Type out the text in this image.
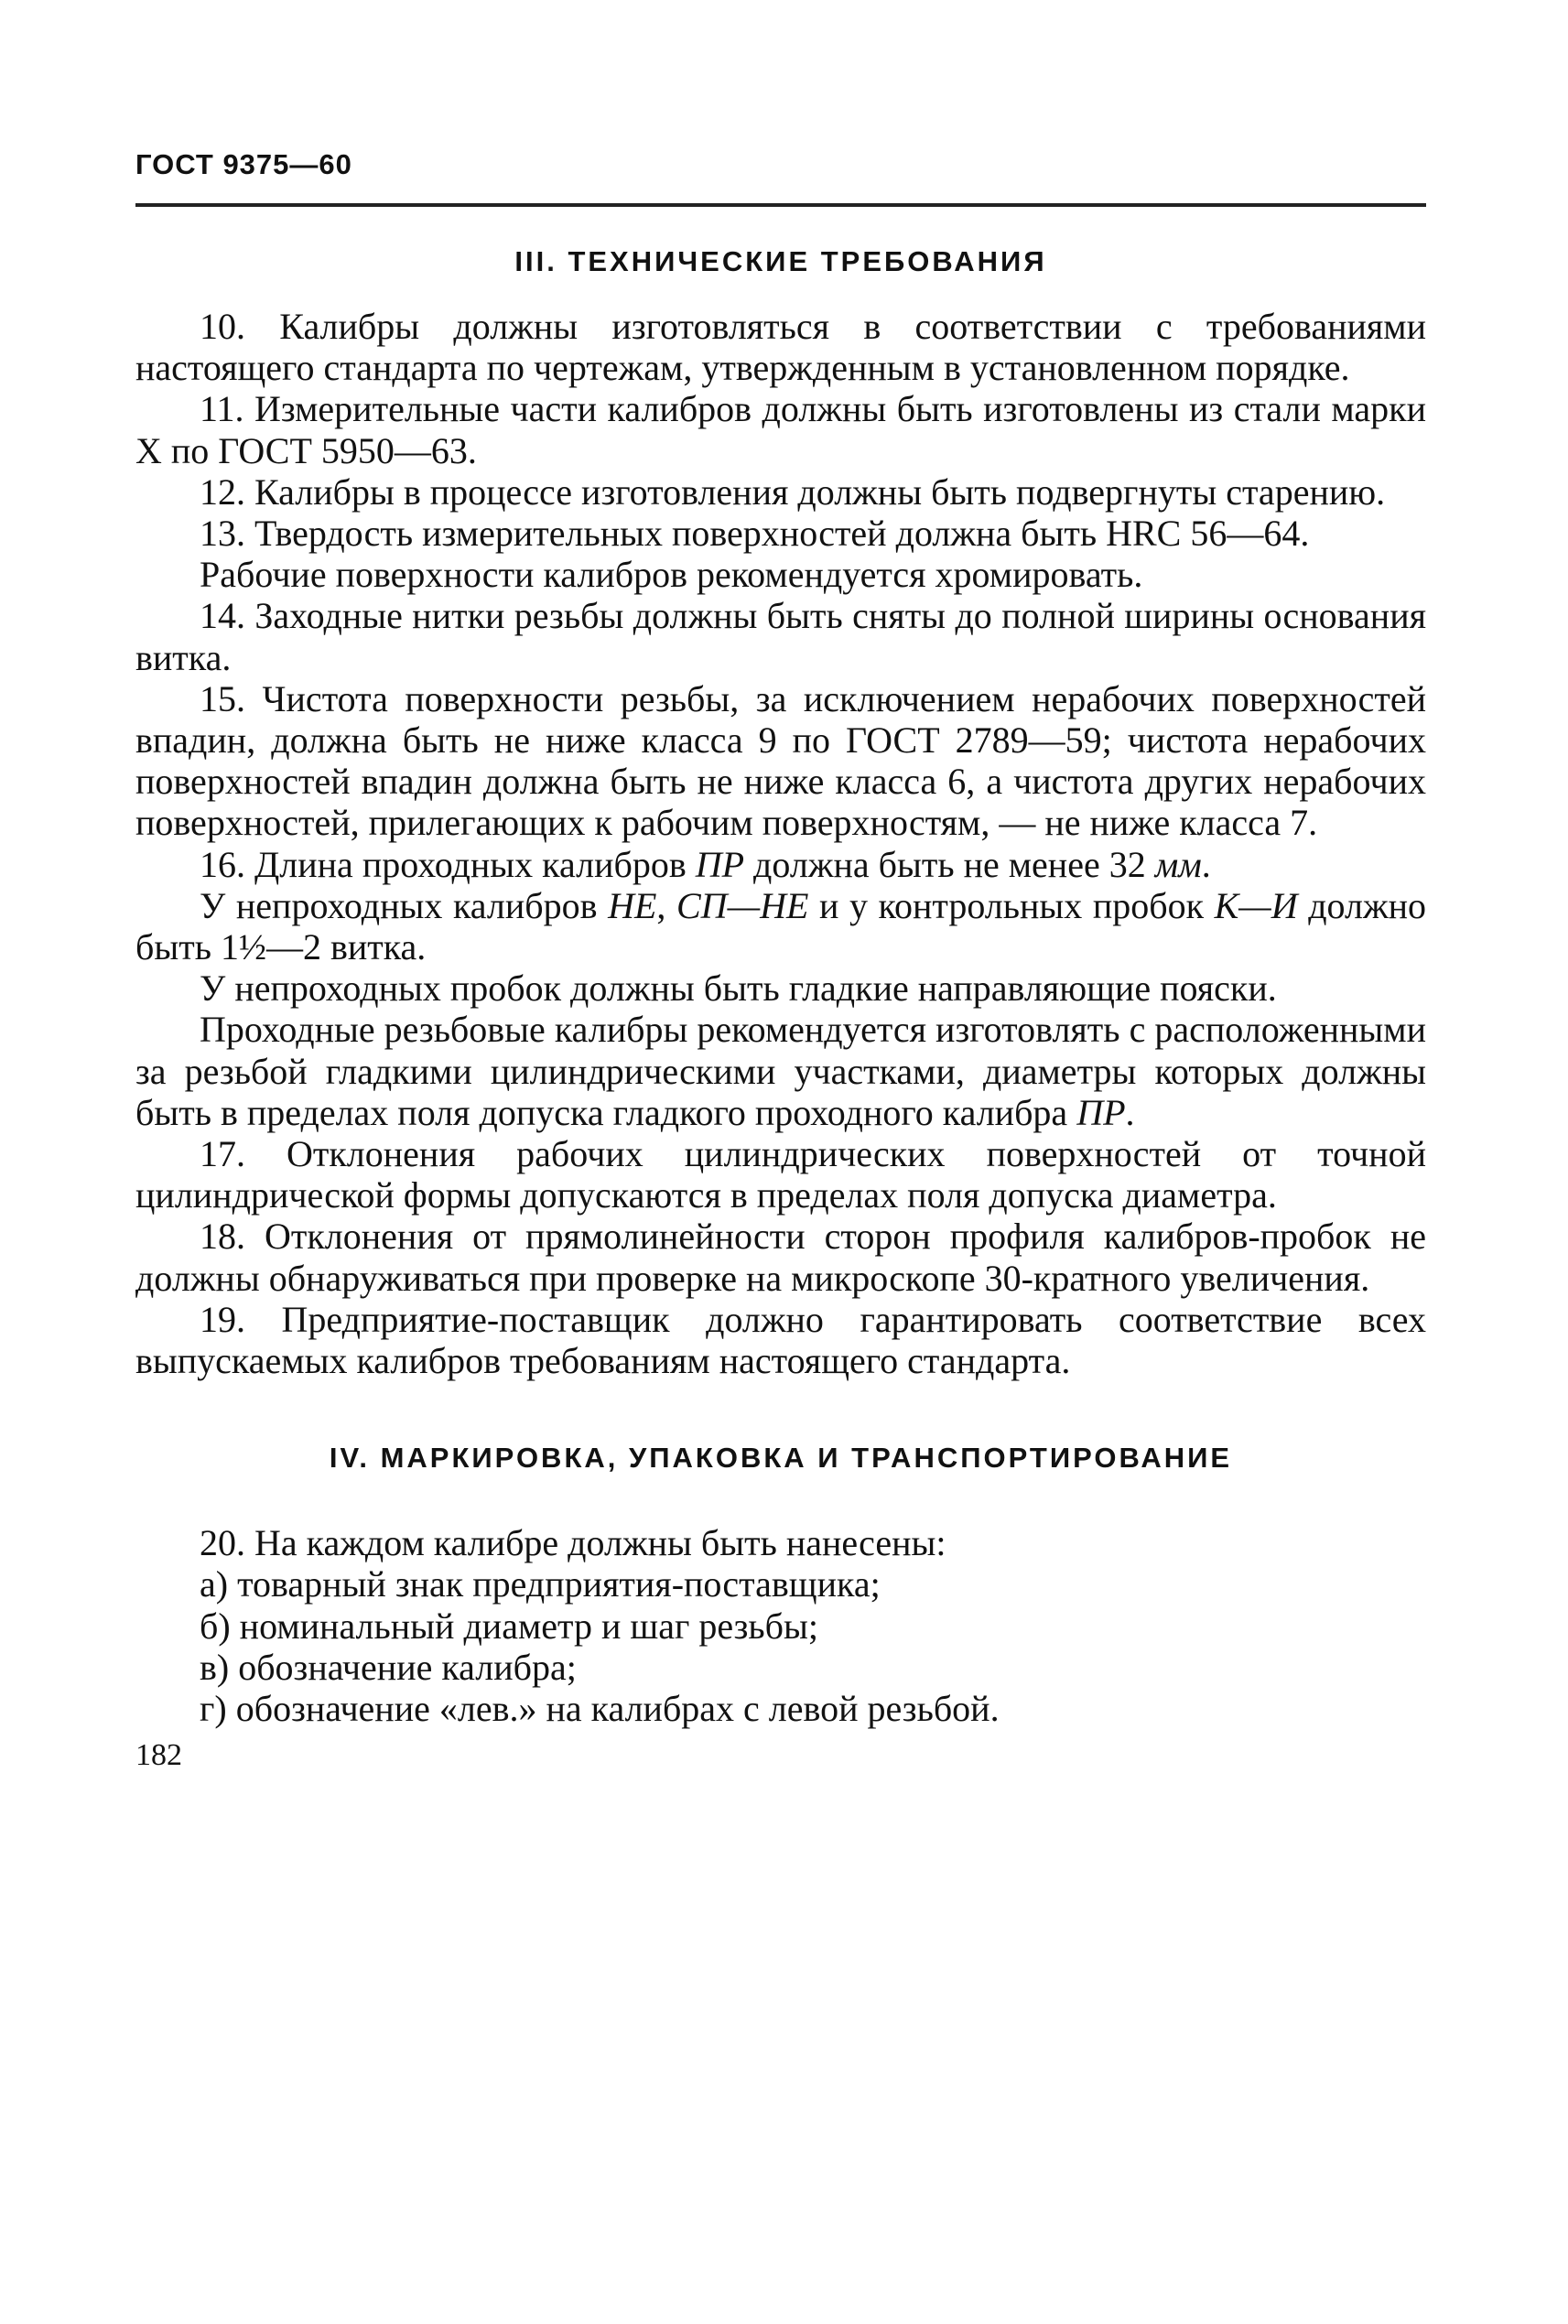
ГОСТ 9375—60
III. ТЕХНИЧЕСКИЕ ТРЕБОВАНИЯ

10. Калибры должны изготовляться в соответствии с требованиями настоящего стандарта по чертежам, утвержденным в установленном порядке.

11. Измерительные части калибров должны быть изготовлены из стали марки Х по ГОСТ 5950—63.

12. Калибры в процессе изготовления должны быть подвергнуты старению.

13. Твердость измерительных поверхностей должна быть HRC 56—64.

Рабочие поверхности калибров рекомендуется хромировать.

14. Заходные нитки резьбы должны быть сняты до полной ширины основания витка.

15. Чистота поверхности резьбы, за исключением нерабочих поверхностей впадин, должна быть не ниже класса 9 по ГОСТ 2789—59; чистота нерабочих поверхностей впадин должна быть не ниже класса 6, а чистота других нерабочих поверхностей, прилегающих к рабочим поверхностям, — не ниже класса 7.

16. Длина проходных калибров ПР должна быть не менее 32 мм.

У непроходных калибров НЕ, СП—НЕ и у контрольных пробок К—И должно быть 1½—2 витка.

У непроходных пробок должны быть гладкие направляющие пояски.

Проходные резьбовые калибры рекомендуется изготовлять с расположенными за резьбой гладкими цилиндрическими участками, диаметры которых должны быть в пределах поля допуска гладкого проходного калибра ПР.

17. Отклонения рабочих цилиндрических поверхностей от точной цилиндрической формы допускаются в пределах поля допуска диаметра.

18. Отклонения от прямолинейности сторон профиля калибров-пробок не должны обнаруживаться при проверке на микроскопе 30-кратного увеличения.

19. Предприятие-поставщик должно гарантировать соответствие всех выпускаемых калибров требованиям настоящего стандарта.

IV. МАРКИРОВКА, УПАКОВКА И ТРАНСПОРТИРОВАНИЕ

20. На каждом калибре должны быть нанесены:

а) товарный знак предприятия-поставщика;

б) номинальный диаметр и шаг резьбы;

в) обозначение калибра;

г) обозначение «лев.» на калибрах с левой резьбой.

182
